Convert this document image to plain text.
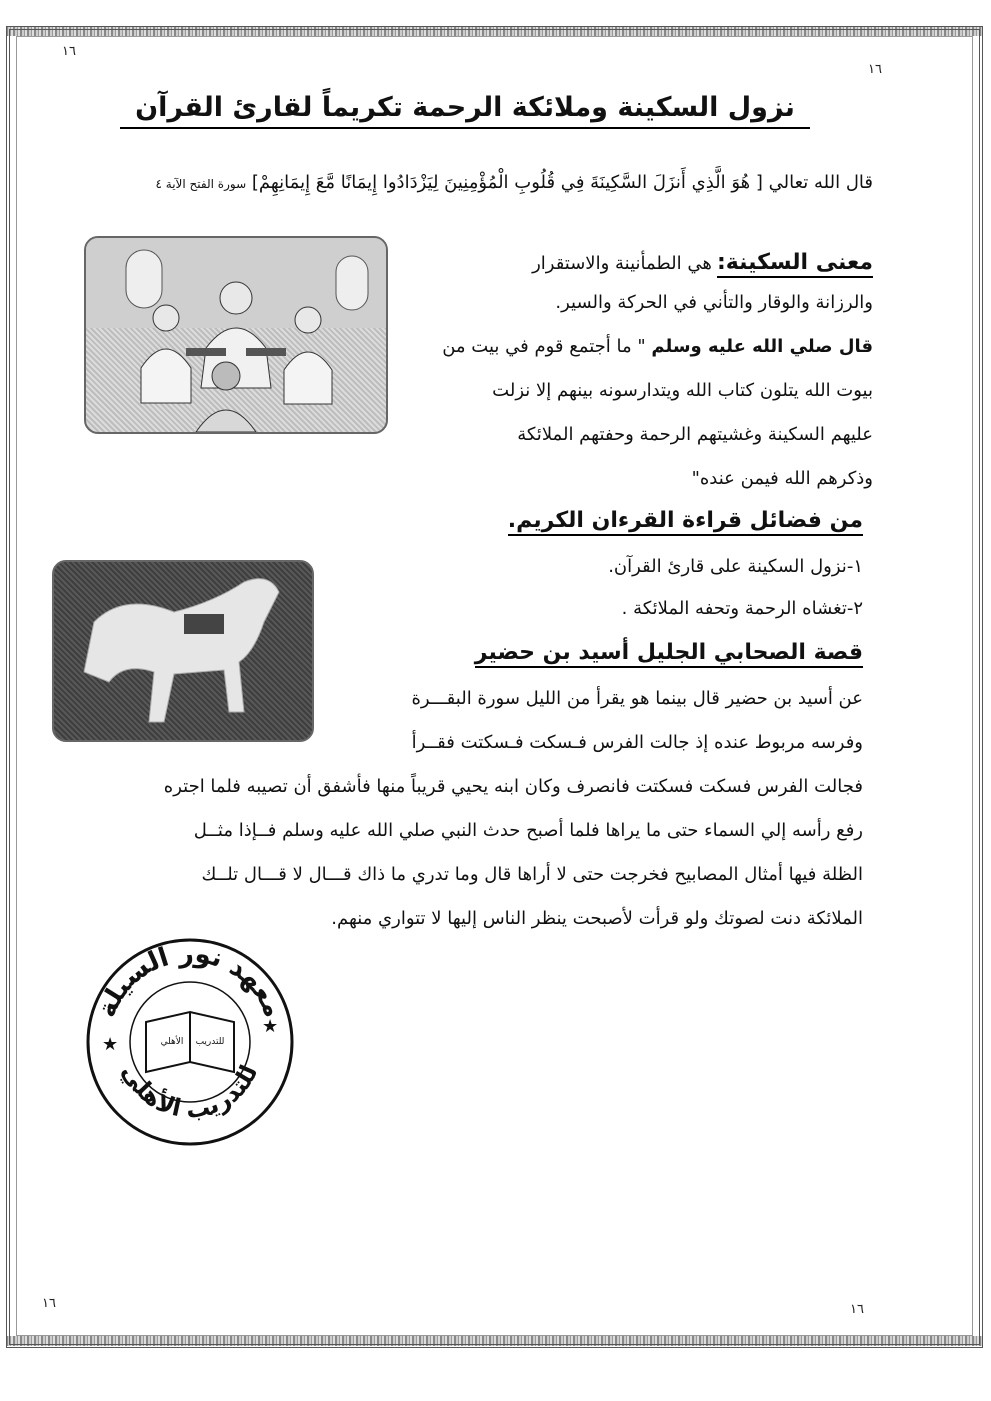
١٦
١٦
١٦	١٦
نزول السكينة وملائكة الرحمة تكريماً لقارئ القرآن
قال الله تعالي [ هُوَ الَّذِي أَنزَلَ السَّكِينَةَ فِي قُلُوبِ الْمُؤْمِنِينَ لِيَزْدَادُوا إِيمَانًا مَّعَ إِيمَانِهِمْ] سورة الفتح الآية ٤
معنى السكينة: هي الطمأنينة والاستقرار
والرزانة والوقار والتأني في الحركة والسير.
قال صلي الله عليه وسلم " ما أجتمع قوم في بيت من
بيوت الله يتلون كتاب الله ويتدارسونه بينهم إلا نزلت
عليهم السكينة وغشيتهم الرحمة وحفتهم الملائكة
وذكرهم الله فيمن عنده"
من فضائل قراءة القرءان الكريم.
١-نزول السكينة على قارئ القرآن.
٢-تغشاه الرحمة وتحفه الملائكة .
قصة الصحابي الجليل أسيد بن حضير
عن أسيد بن حضير قال بينما هو يقرأ من الليل سورة البقـــرة
وفرسه مربوط عنده إذ جالت الفرس فـسكت فـسكتت فقــرأ
فجالت الفرس فسكت فسكتت فانصرف وكان ابنه يحيي قريباً منها فأشفق أن تصيبه فلما اجتره
رفع رأسه إلي السماء حتى ما يراها فلما أصبح حدث النبي صلي الله عليه وسلم فــإذا مثــل
الظلة فيها أمثال المصابيح فخرجت حتى لا أراها قال وما تدري ما ذاك قـــال لا قـــال تلــك
الملائكة دنت لصوتك ولو قرأت لأصبحت ينظر الناس إليها لا تتواري منهم.
معهد نور السيلة
للتدريب الأهلي
★
★
الأهلي للتدريب
